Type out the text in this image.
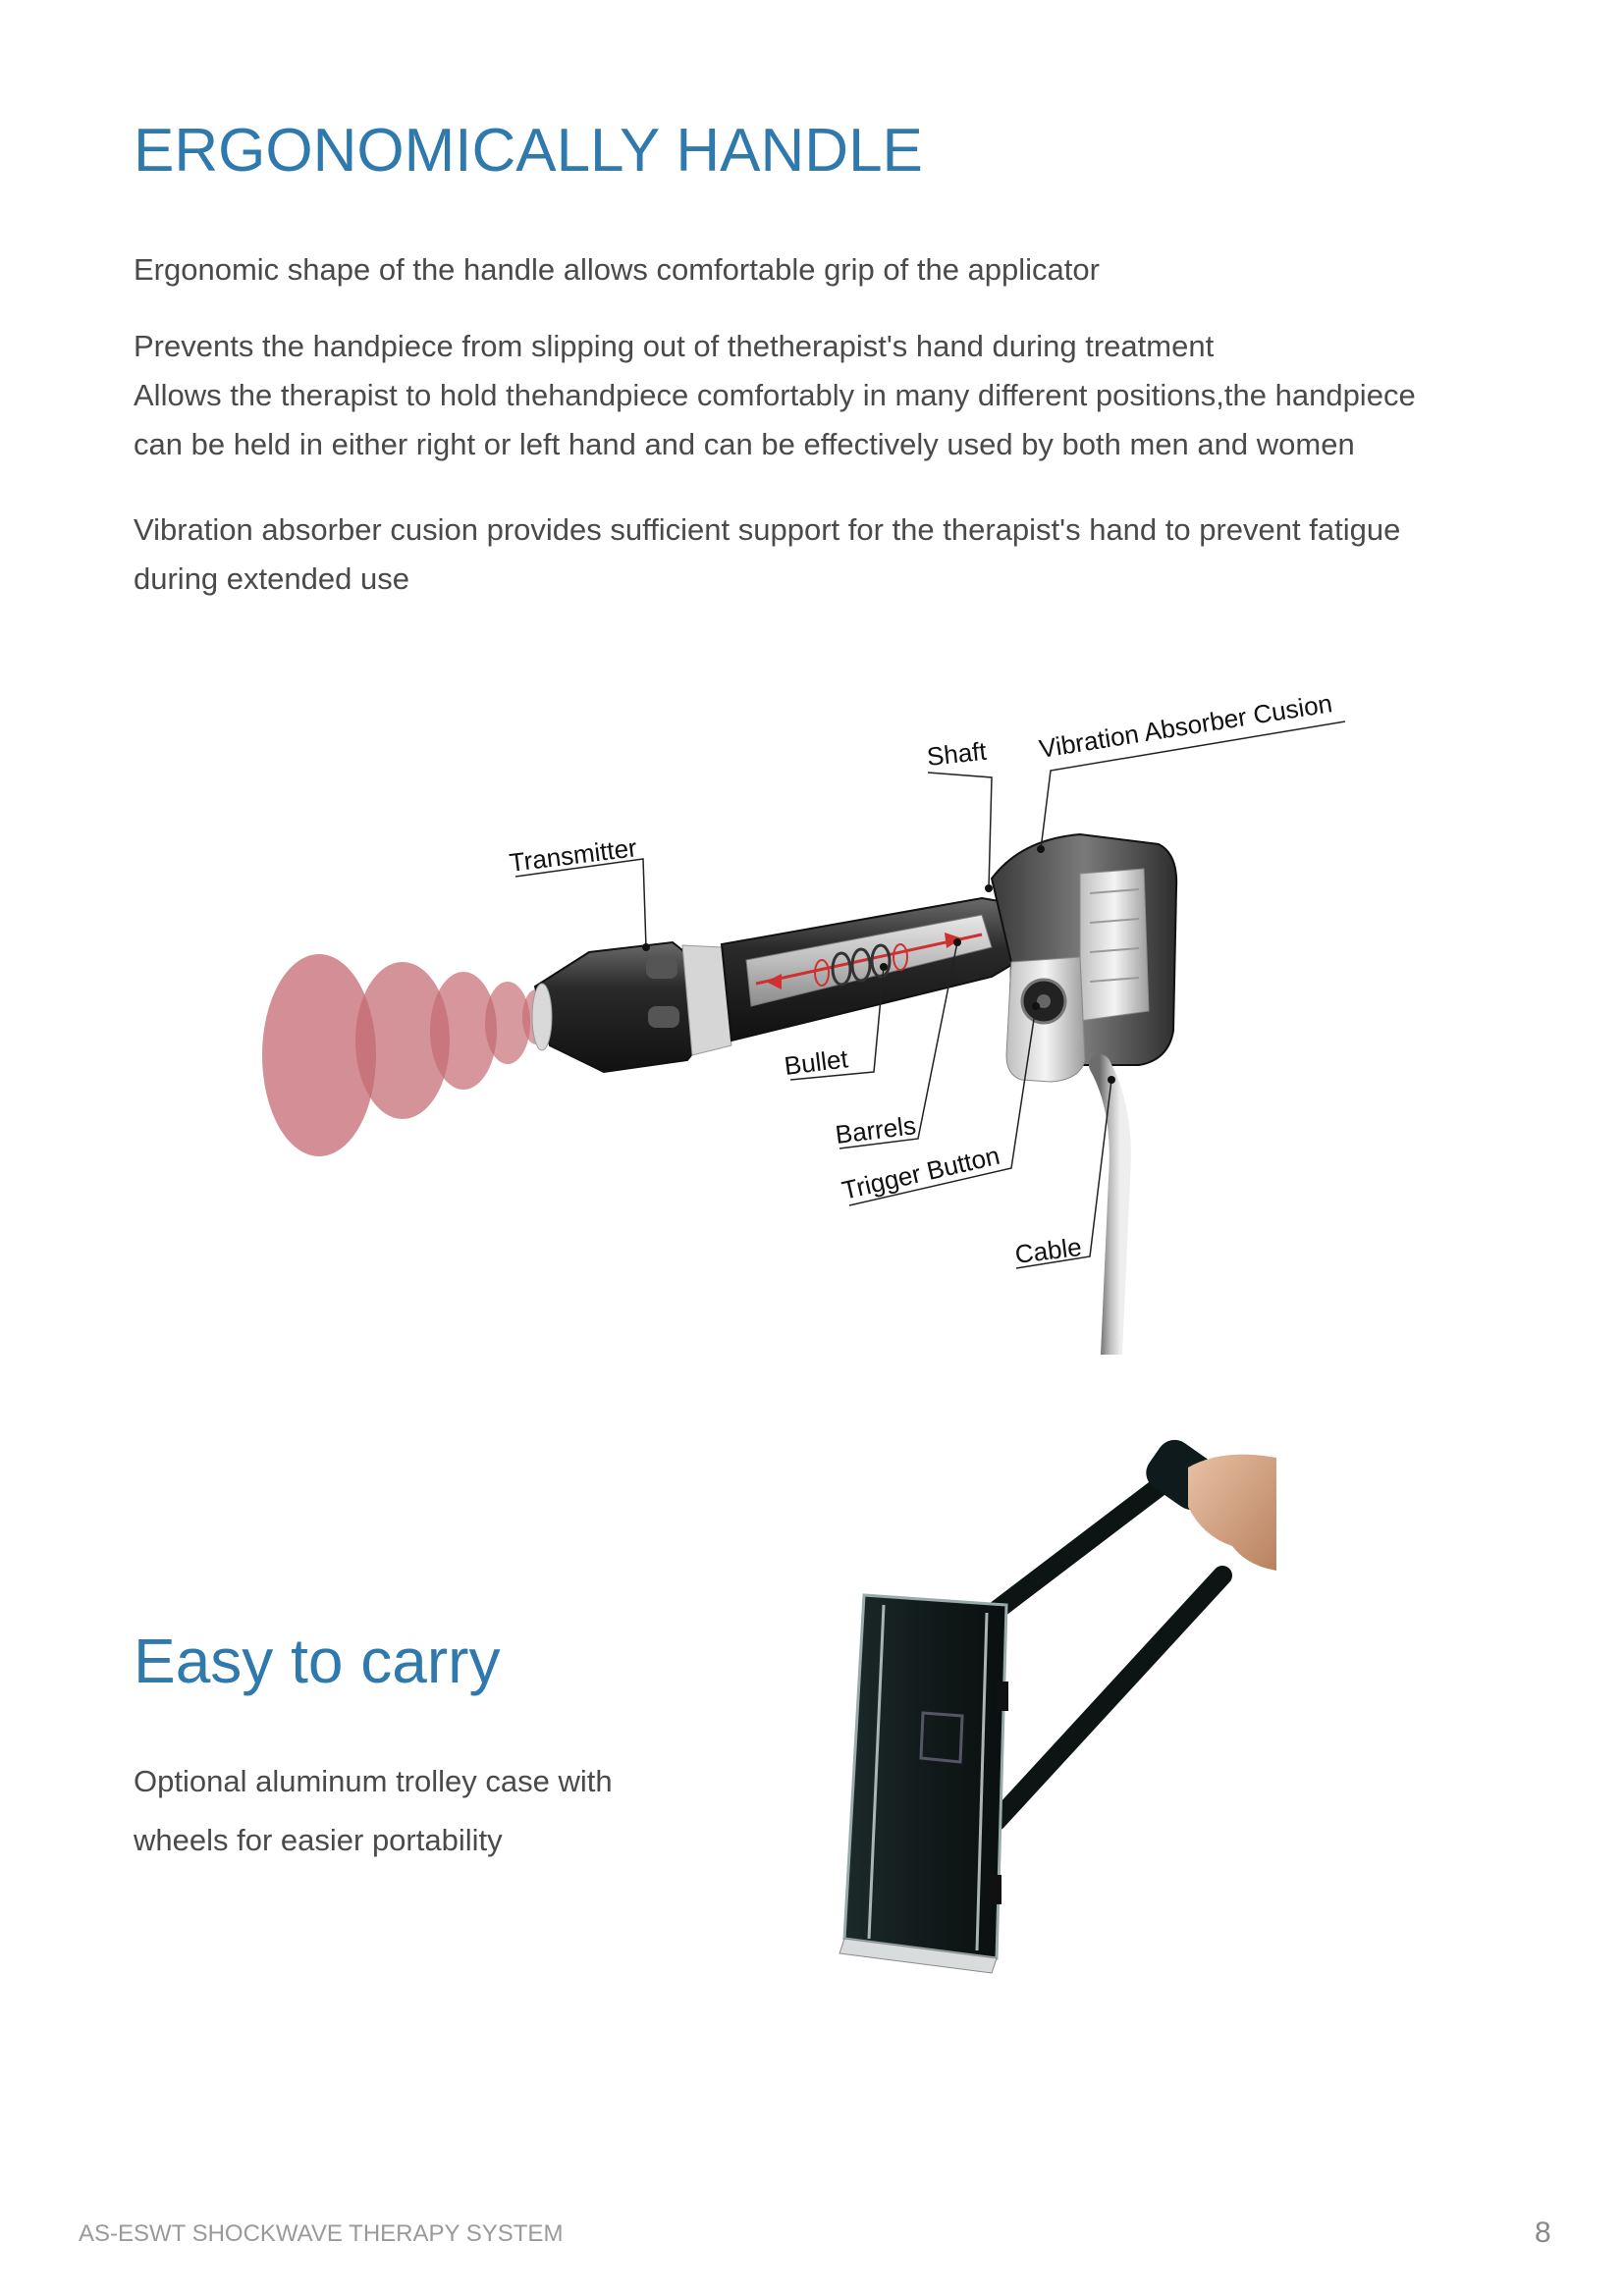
ERGONOMICALLY HANDLE
Ergonomic shape of the handle allows comfortable grip of the applicator
Prevents the handpiece from slipping out of thetherapist's hand during treatment
Allows the therapist to hold thehandpiece comfortably in many different positions,the handpiece
can be held in either right or left hand and can be effectively used by both men and women
Vibration absorber cusion provides sufficient support for the therapist's hand to prevent fatigue
during extended use
Transmitter
Shaft Vibration Absorber Cusion
Bullet
Barrels
Trigger Button
Cable
Easy to carry
Optional aluminum trolley case with
wheels for easier portability
AS-ESWT SHOCKWAVE THERAPY SYSTEM	8
